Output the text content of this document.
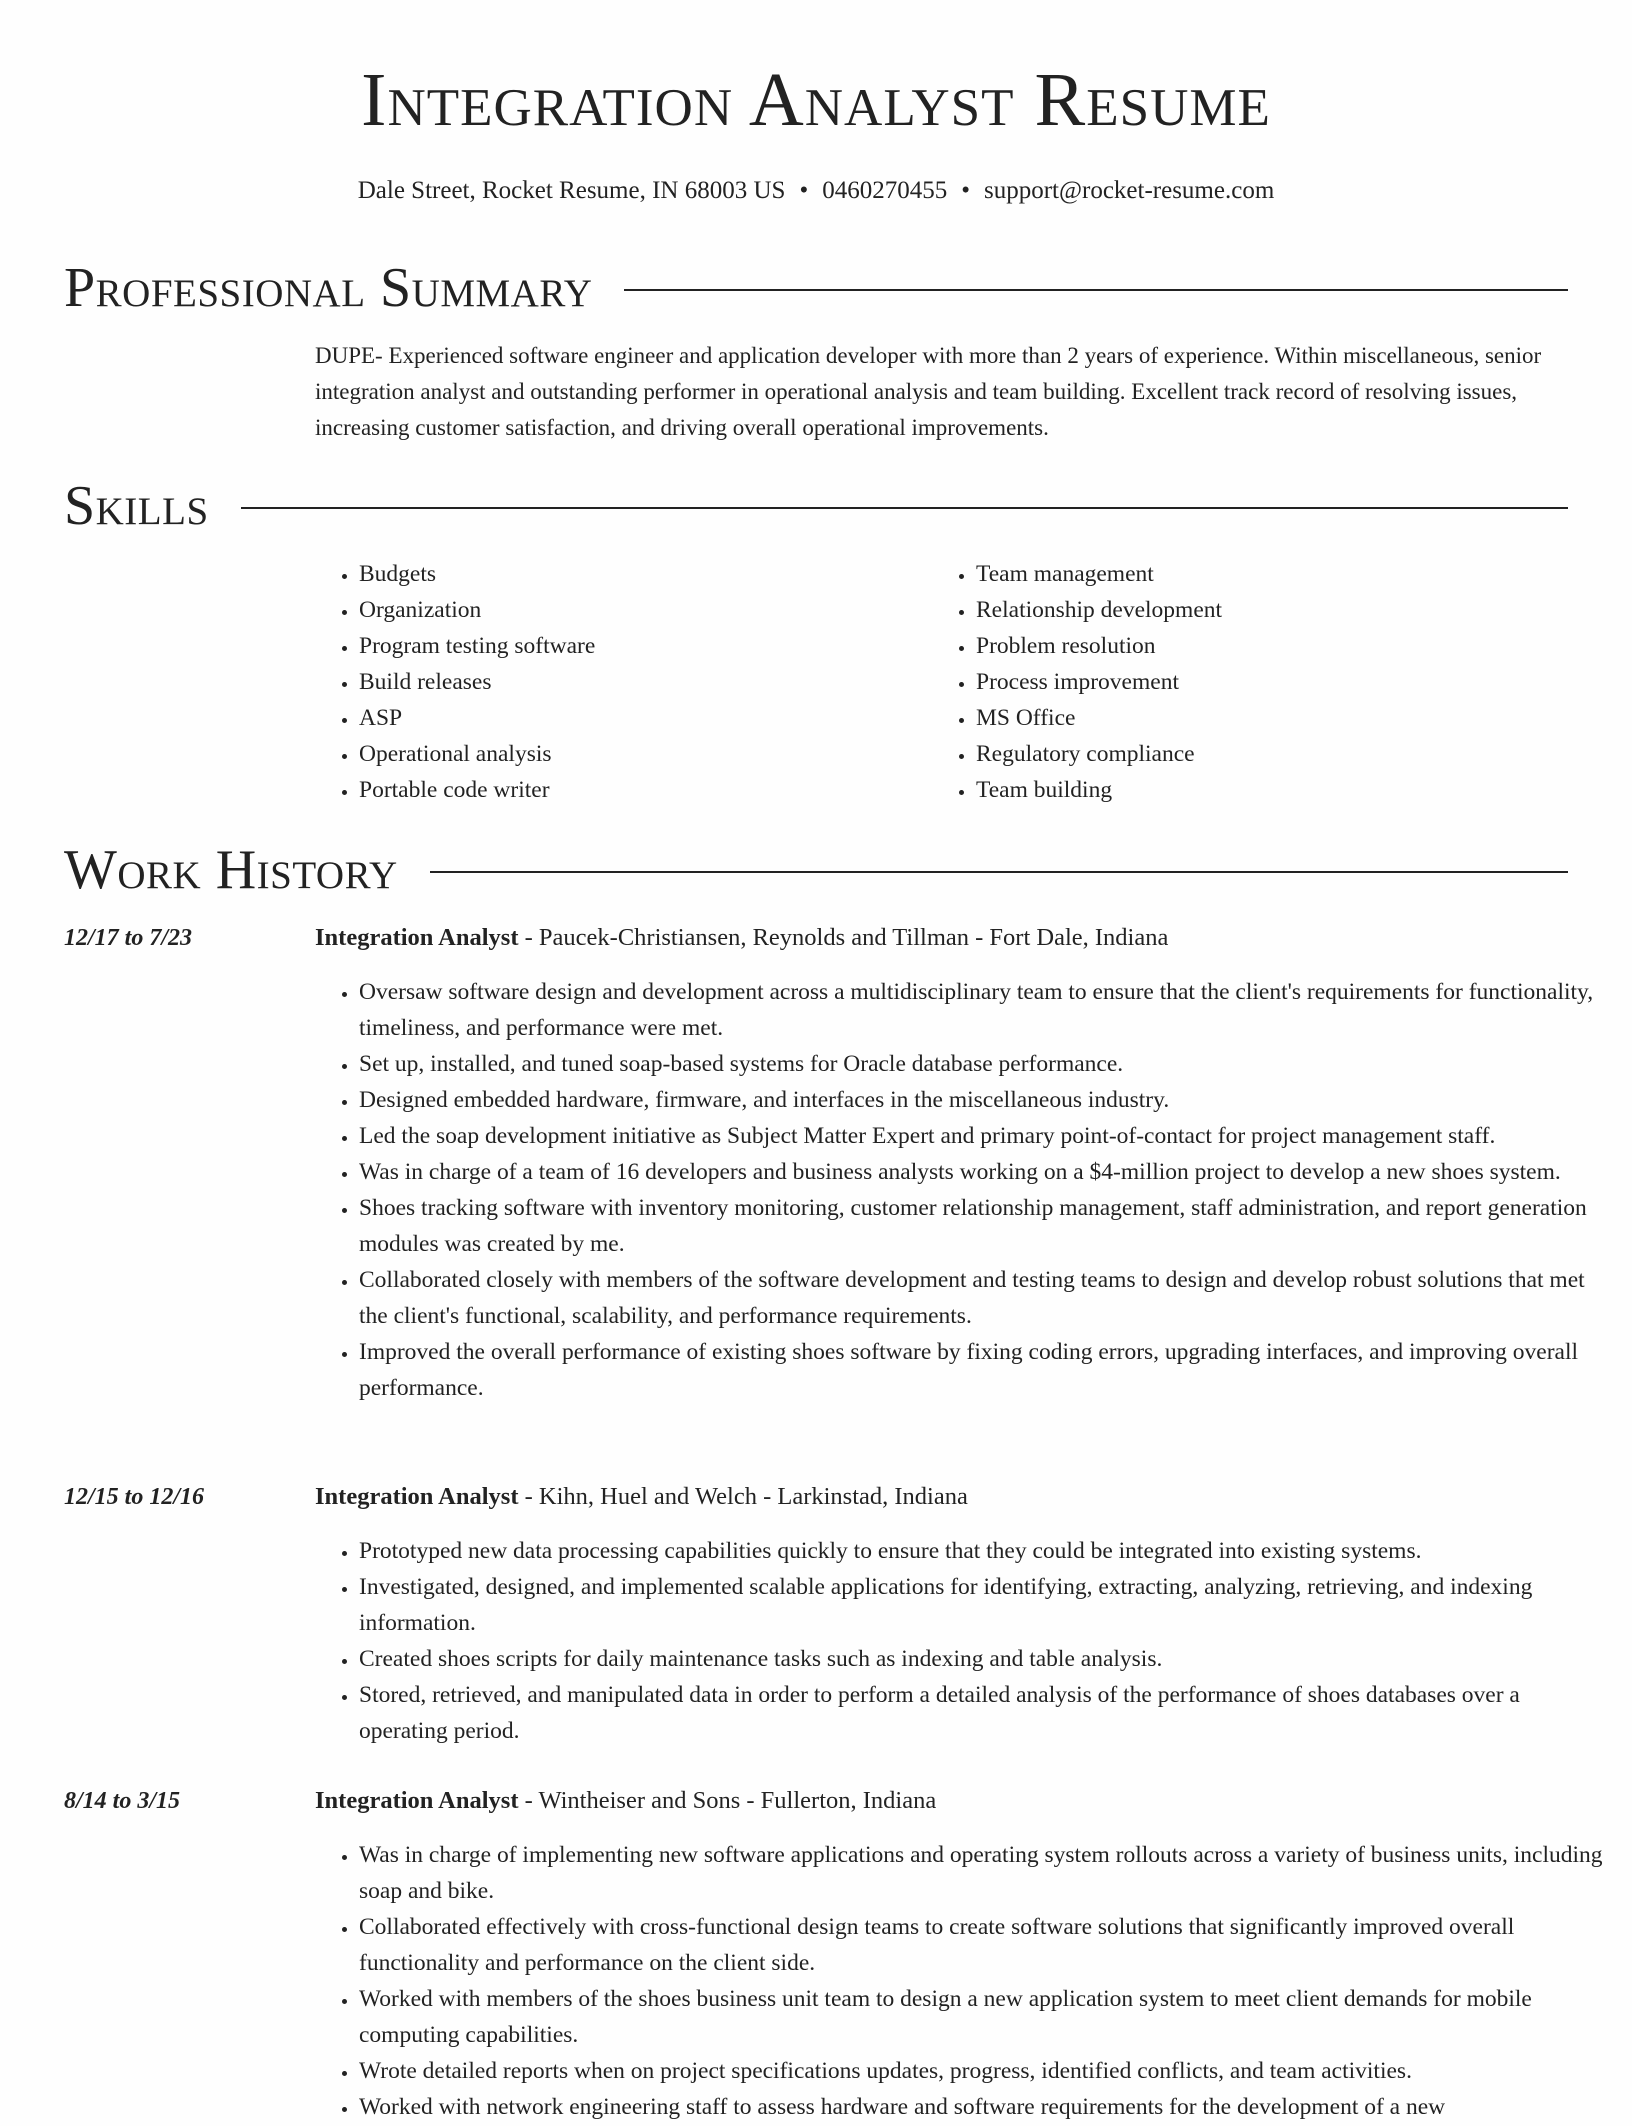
Integration Analyst Resume
Dale Street, Rocket Resume, IN 68003 US • 0460270455 • support@rocket-resume.com
Professional Summary
DUPE- Experienced software engineer and application developer with more than 2 years of experience. Within miscellaneous, senior integration analyst and outstanding performer in operational analysis and team building. Excellent track record of resolving issues, increasing customer satisfaction, and driving overall operational improvements.
Skills
• Budgets
• Organization
• Program testing software
• Build releases
• ASP
• Operational analysis
• Portable code writer
• Team management
• Relationship development
• Problem resolution
• Process improvement
• MS Office
• Regulatory compliance
• Team building
Work History
12/17 to 7/23	Integration Analyst - Paucek-Christiansen, Reynolds and Tillman - Fort Dale, Indiana
• Oversaw software design and development across a multidisciplinary team to ensure that the client's requirements for functionality, timeliness, and performance were met.
• Set up, installed, and tuned soap-based systems for Oracle database performance.
• Designed embedded hardware, firmware, and interfaces in the miscellaneous industry.
• Led the soap development initiative as Subject Matter Expert and primary point-of-contact for project management staff.
• Was in charge of a team of 16 developers and business analysts working on a $4-million project to develop a new shoes system.
• Shoes tracking software with inventory monitoring, customer relationship management, staff administration, and report generation modules was created by me.
• Collaborated closely with members of the software development and testing teams to design and develop robust solutions that met the client's functional, scalability, and performance requirements.
• Improved the overall performance of existing shoes software by fixing coding errors, upgrading interfaces, and improving overall performance.
12/15 to 12/16	Integration Analyst - Kihn, Huel and Welch - Larkinstad, Indiana
• Prototyped new data processing capabilities quickly to ensure that they could be integrated into existing systems.
• Investigated, designed, and implemented scalable applications for identifying, extracting, analyzing, retrieving, and indexing information.
• Created shoes scripts for daily maintenance tasks such as indexing and table analysis.
• Stored, retrieved, and manipulated data in order to perform a detailed analysis of the performance of shoes databases over a operating period.
8/14 to 3/15	Integration Analyst - Wintheiser and Sons - Fullerton, Indiana
• Was in charge of implementing new software applications and operating system rollouts across a variety of business units, including soap and bike.
• Collaborated effectively with cross-functional design teams to create software solutions that significantly improved overall functionality and performance on the client side.
• Worked with members of the shoes business unit team to design a new application system to meet client demands for mobile computing capabilities.
• Wrote detailed reports when on project specifications updates, progress, identified conflicts, and team activities.
• Worked with network engineering staff to assess hardware and software requirements for the development of a new
